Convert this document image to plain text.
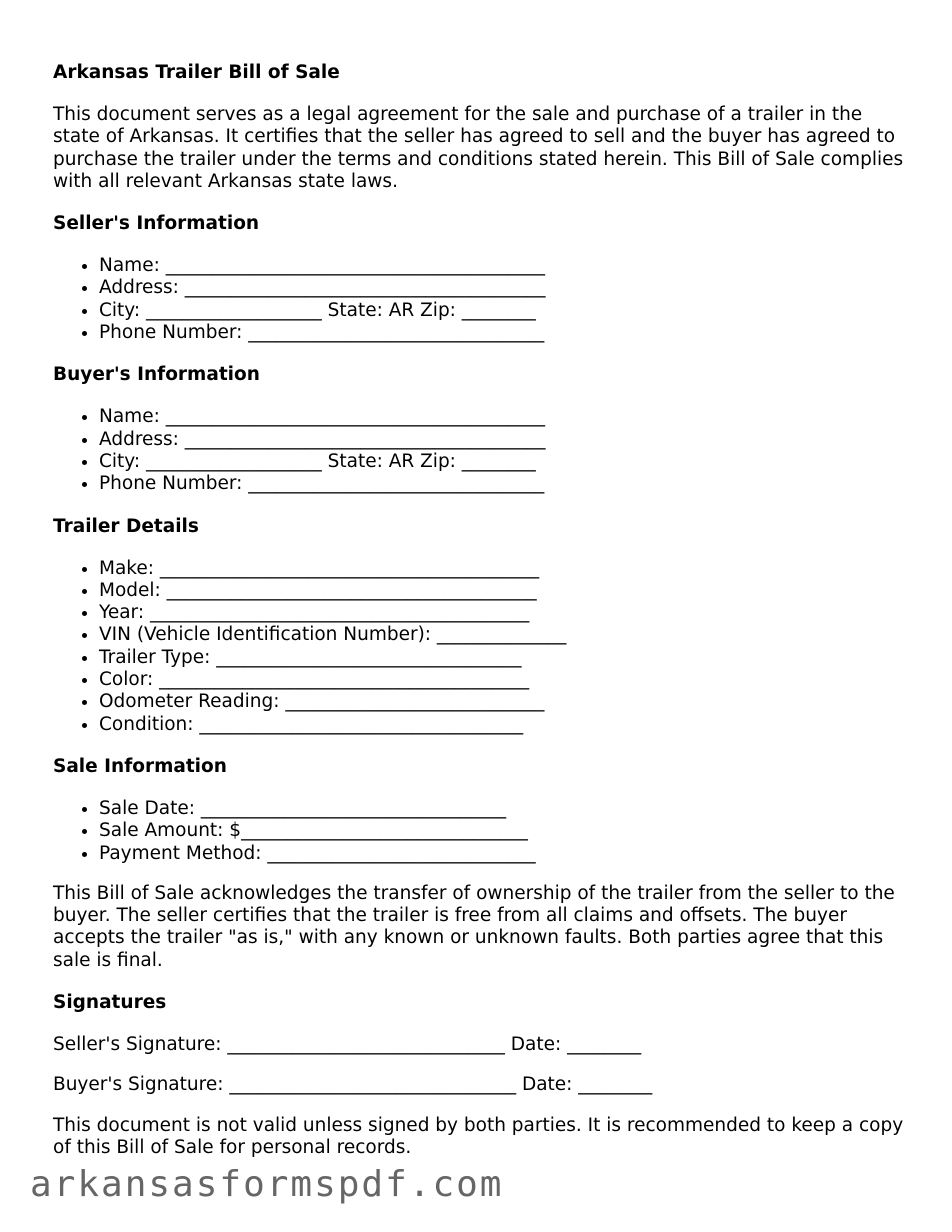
Arkansas Trailer Bill of Sale

This document serves as a legal agreement for the sale and purchase of a trailer in the state of Arkansas. It certifies that the seller has agreed to sell and the buyer has agreed to purchase the trailer under the terms and conditions stated herein. This Bill of Sale complies with all relevant Arkansas state laws.

Seller's Information
• Name: _________________________________________
• Address: _______________________________________
• City: ___________________ State: AR Zip: ________
• Phone Number: ________________________________
Buyer's Information
• Name: _________________________________________
• Address: _______________________________________
• City: ___________________ State: AR Zip: ________
• Phone Number: ________________________________
Trailer Details
• Make: _________________________________________
• Model: ________________________________________
• Year: _________________________________________
• VIN (Vehicle Identification Number): ______________
• Trailer Type: _________________________________
• Color: ________________________________________
• Odometer Reading: ____________________________
• Condition: ___________________________________
Sale Information
• Sale Date: _________________________________
• Sale Amount: $_______________________________
• Payment Method: _____________________________

This Bill of Sale acknowledges the transfer of ownership of the trailer from the seller to the buyer. The seller certifies that the trailer is free from all claims and offsets. The buyer accepts the trailer "as is," with any known or unknown faults. Both parties agree that this sale is final.

Signatures

Seller's Signature: ______________________________ Date: ________

Buyer's Signature: _______________________________ Date: ________

This document is not valid unless signed by both parties. It is recommended to keep a copy of this Bill of Sale for personal records.

arkansasformspdf.com
